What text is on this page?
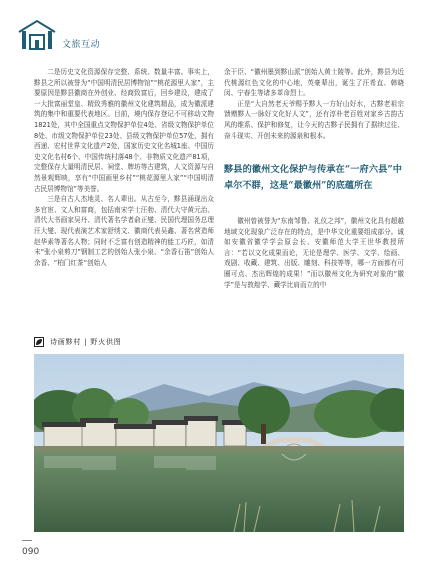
文旅互动

二是历史文化资源保存完整、系统、数量丰富。事实上，黟县之所以被誉为“中国明清民居博物馆”“桃花源里人家”，主要原因是黟县徽商在外创业、经商致富后，回乡建设，建成了一大批富丽堂皇、精致秀雅的徽州文化建筑精品，成为徽派建筑的集中和重要代表地区。目前，境内保存登记不可移动文物1821处，其中全国重点文物保护单位4处、省级文物保护单位8处、市级文物保护单位23处、县级文物保护单位57处，拥有西递、宏村世界文化遗产2处，国家历史文化名城1座、中国历史文化名村6个、中国传统村落48个、非物质文化遗产81项，完整保存大量明清民居、祠堂、牌坊等古建筑，人文资源与自然景观辉映，享有“中国画里乡村”“桃花源里人家”“中国明清古民居博物馆”等美誉。

三是自古人杰地灵、名人辈出。从古至今，黟县涌现出众多官宦、文人和富商，包括南宋学士汪勃、清代大守黄元治、清代大书画家吴丹、清代著名学者俞正燮、民国代理国务总理汪大燮、现代表演艺术家舒绣文、徽商代表吴鑫、著名营造师赵华素等著名人物；同时不乏富有创造精神的能工巧匠，如清末“张小泉剪刀”钢制工艺的创始人张小泉、“余香石笛”创始人余香、“柏门红茶”创始人

余干臣、“徽州墨到黟山派”创始人黄士陵等。此外，黟县为近代桃源红色文化的中心地，英豪辈出，诞生了汪希直、韩晓闵、宁春生等诸多革命烈士。

正是“大自然老天爷赐予黟人一方好山好水，古黟老祖宗馈赠黟人一脉好文化好人文”，还有淳朴老百姓对家乡古韵古风的维系、保护和修复，让今天的古黟子民拥有了据续过往、奋斗现实、开创未来的源泉和根本。

黟县的徽州文化保护与传承在“一府六县”中卓尔不群，这是“最徽州”的底蕴所在

徽州曾被誉为“东南邹鲁、礼仪之邦”，徽州文化具有超越地域文化现象广泛存在的特点，是中华文化重要组成部分。诚如安徽省徽学学会原会长、安徽师范大学王世华教授所言：“若以文化成果而论，无论是理学、医学、文学、绘画、戏剧、收藏、建筑、出版、雕刻、科技等等，哪一方面都有可圈可点、杰出辉煌的成果！”而以徽州文化为研究对象的“徽学”是与敦煌学、藏学比肩而立的中

诗画黟村 | 野火供图
090
